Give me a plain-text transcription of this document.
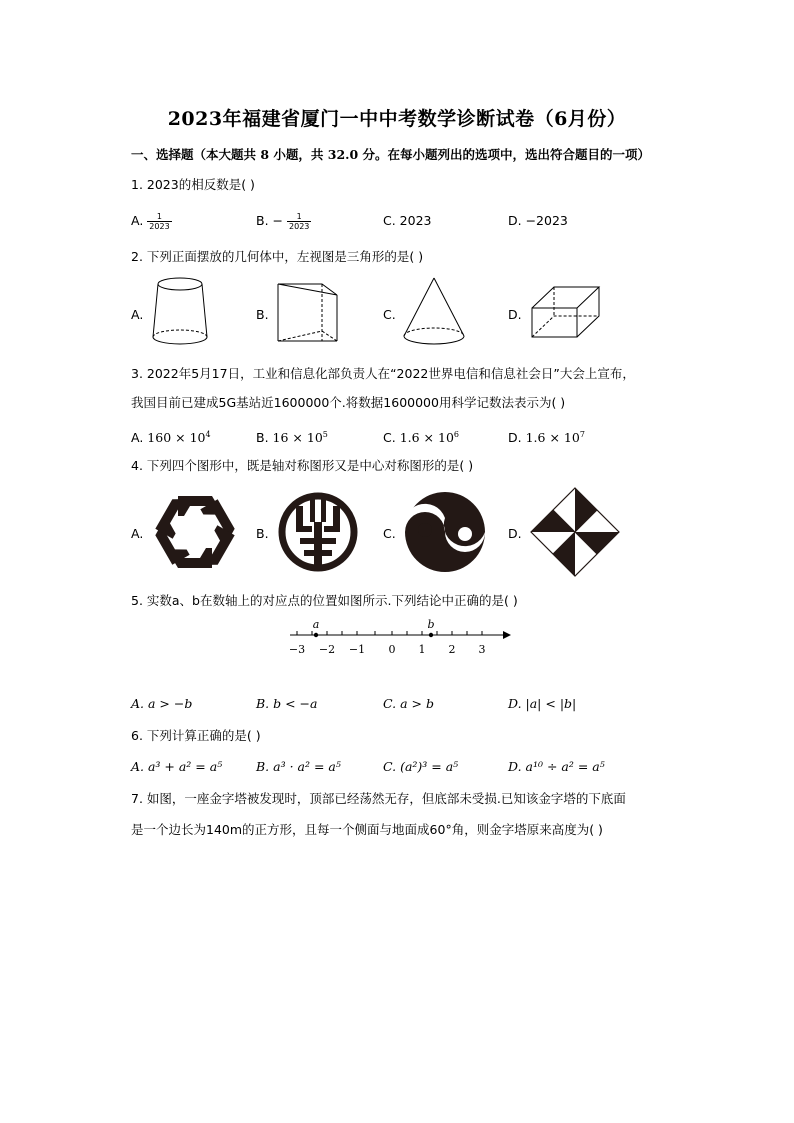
2023年福建省厦门一中中考数学诊断试卷（6月份）
一、选择题（本大题共 8 小题，共 32.0 分。在每小题列出的选项中，选出符合题目的一项）
1. 2023的相反数是( )
A. $\frac{1}{2023}$	B. − $\frac{1}{2023}$	C. 2023	D. −2023
2. 下列正面摆放的几何体中，左视图是三角形的是( )
A.	B.	C.	D.
3. 2022年5月17日，工业和信息化部负责人在“2022世界电信和信息社会日”大会上宣布，
我国目前已建成5G基站近1600000个.将数据1600000用科学记数法表示为( )
A. $160 \times 10^4$	B. $16 \times 10^5$	C. $1.6 \times 10^6$	D. $1.6 \times 10^7$
4. 下列四个图形中，既是轴对称图形又是中心对称图形的是( )
A.	B.	C.	D.
5. 实数a、b在数轴上的对应点的位置如图所示.下列结论中正确的是( )
a	b
−3 −2 −1 0 1 2 3
A. a > −b	B. b < −a	C. a > b	D. |a| < |b|
6. 下列计算正确的是( )
A. a³ + a² = a⁵	B. a³ · a² = a⁵	C. (a²)³ = a⁵	D. a¹⁰ ÷ a² = a⁵
7. 如图，一座金字塔被发现时，顶部已经荡然无存，但底部未受损.已知该金字塔的下底面
是一个边长为140m的正方形，且每一个侧面与地面成60°角，则金字塔原来高度为( )
